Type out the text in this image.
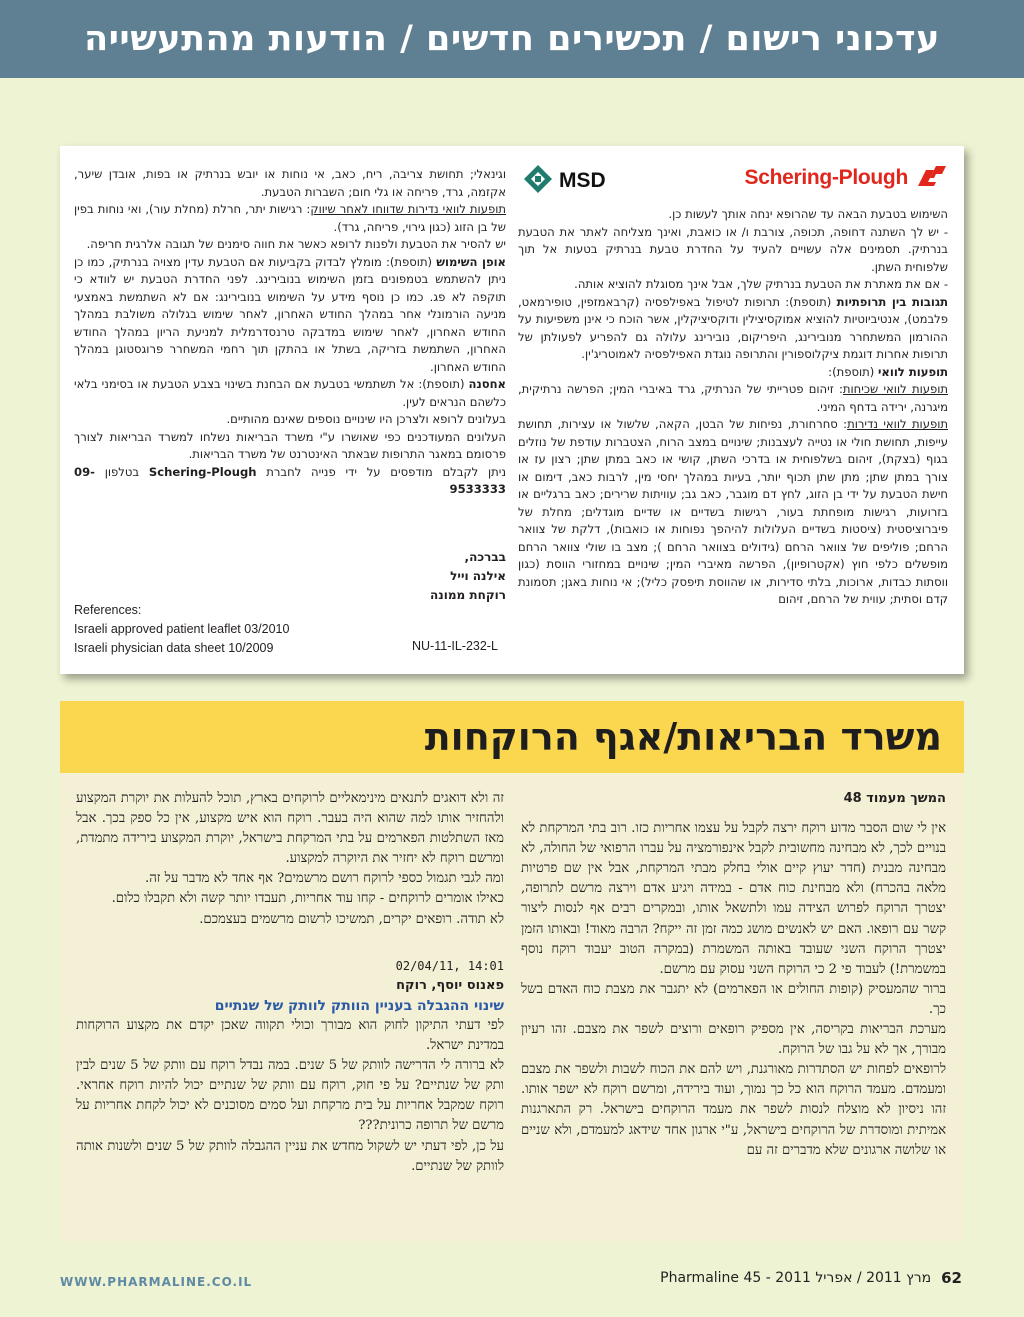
עדכוני רישום / תכשירים חדשים / הודעות מהתעשייה
Schering-Plough
MSD

השימוש בטבעת הבאה עד שהרופא ינחה אותך לעשות כן.

- יש לך השתנה דחופה, תכופה, צורבת ו/ או כואבת, ואינך מצליחה לאתר את הטבעת בנרתיק. תסמינים אלה עשויים להעיד על החדרת טבעת בנרתיק בטעות אל תוך שלפוחית השתן.

- אם את מאתרת את הטבעת בנרתיק שלך, אבל אינך מסוגלת להוציא אותה.

תגובות בין תרופתיות (תוספת): תרופות לטיפול באפילפסיה (קרבאמזפין, טופירמאט, פלבמט), אנטיביוטיות להוציא אמוקסיצילין ודוקסיציקלין, אשר הוכח כי אינן משפיעות על ההורמון המשתחרר מנובירינג, היפריקום, נובירינג עלולה גם להפריע לפעולתן של תרופות אחרות דוגמת ציקלוספורין והתרופה נוגדת האפילפסיה לאמוטריג'ין.

תופעות לוואי (תוספת):

תופעות לוואי שכיחות: זיהום פטרייתי של הנרתיק, גרד באיברי המין; הפרשה נרתיקית, מיגרנה, ירידה בדחף המיני.

תופעות לוואי נדירות: סחרחורת, נפיחות של הבטן, הקאה, שלשול או עצירות, תחושת עייפות, תחושת חולי או נטייה לעצבנות; שינויים במצב הרוח, הצטברות עודפת של נוזלים בגוף (בצקת), זיהום בשלפוחית או בדרכי השתן, קושי או כאב במתן שתן; רצון עז או צורך במתן שתן; מתן שתן תכוף יותר, בעיות במהלך יחסי מין, לרבות כאב, דימום או חישת הטבעת על ידי בן הזוג, לחץ דם מוגבר, כאב גב; עוויתות שרירים; כאב ברגליים או בזרועות, רגישות מופחתת בעור, רגישות בשדיים או שדיים מוגדלים; מחלת של פיברוציסטית (ציסטות בשדיים העלולות להיהפך נפוחות או כואבות), דלקת של צוואר הרחם; פוליפים של צוואר הרחם (גידולים בצוואר הרחם ); מצב בו שולי צוואר הרחם מופשלים כלפי חוץ (אקטרופיון), הפרשה מאיברי המין; שינויים במחזורי הווסת (כגון ווסתות כבדות, ארוכות, בלתי סדירות, או שהווסת תיפסק כליל); אי נוחות באגן; תסמונת קדם וסתית; עווית של הרחם, זיהום

וגינאלי; תחושת צריבה, ריח, כאב, אי נוחות או יובש בנרתיק או בפות, אובדן שיער, אקזמה, גרד, פריחה או גלי חום; השברות הטבעת.

תופעות לוואי נדירות שדווחו לאחר שיווק: רגישות יתר, חרלת (מחלת עור), ואי נוחות בפין של בן הזוג (כגון גירוי, פריחה, גרד).

יש להסיר את הטבעת ולפנות לרופא כאשר את חווה סימנים של תגובה אלרגית חריפה.

אופן השימוש (תוספת): מומלץ לבדוק בקביעות אם הטבעת עדין מצויה בנרתיק, כמו כן ניתן להשתמש בטמפונים בזמן השימוש בנובירינג. לפני החדרת הטבעת יש לוודא כי תוקפה לא פג. כמו כן נוסף מידע על השימוש בנובירינג: אם לא השתמשת באמצעי מניעה הורמונלי אחר במהלך החודש האחרון, לאחר שימוש בגלולה משולבת במהלך החודש האחרון, לאחר שימוש במדבקה טרנסדרמלית למניעת הריון במהלך החודש האחרון, השתמשת בזריקה, בשתל או בהתקן תוך רחמי המשחרר פרוגסטוגן במהלך החודש האחרון.

אחסנה (תוספת): אל תשתמשי בטבעת אם הבחנת בשינוי בצבע הטבעת או בסימני בלאי כלשהם הנראים לעין.

בעלונים לרופא ולצרכן היו שינויים נוספים שאינם מהותיים.

העלונים המעודכנים כפי שאושרו ע"י משרד הבריאות נשלחו למשרד הבריאות לצורך פרסומם במאגר התרופות שבאתר האינטרנט של משרד הבריאות.

ניתן לקבלם מודפסים על ידי פנייה לחברת Schering-Plough בטלפון 09-9533333

בברכה,
אילנה וייל
רוקחת ממונה
References:
Israeli approved patient leaflet 03/2010
Israeli physician data sheet 10/2009	NU-11-IL-232-L
משרד הבריאות/אגף הרוקחות

המשך מעמוד 48

אין לי שום הסבר מדוע רוקח ירצה לקבל על עצמו אחריות כזו. רוב בתי המרקחת לא בנויים לכך, לא מבחינה מחשובית לקבל אינפורמציה על עברו הרפואי של החולה, לא מבחינה מבנית (חדר יעוץ קיים אולי בחלק מבתי המרקחת, אבל אין שם פרטיות מלאה בהכרח) ולא מבחינת כוח אדם - במידה ויגיע אדם וירצה מרשם לתרופה, יצטרך הרוקח לפרוש הצידה עמו ולתשאל אותו, ובמקרים רבים אף לנסות ליצור קשר עם רופאו. האם יש לאנשים מושג כמה זמן זה ייקח? הרבה מאוד! ובאותו הזמן יצטרך הרוקח השני שעובד באותה המשמרת (במקרה הטוב יעבוד רוקח נוסף במשמרת!) לעבוד פי 2 כי הרוקח השני עסוק עם מרשם.

ברור שהמעסיק (קופות החולים או הפארמים) לא יתגבר את מצבת כוח האדם בשל כך.

מערכת הבריאות בקריסה, אין מספיק רופאים ורוצים לשפר את מצבם. זהו רעיון מבורך, אך לא על גבו של הרוקח.

לרופאים לפחות יש הסתדרות מאורגנת, ויש להם את הכוח לשבות ולשפר את מצבם ומעמדם. מעמד הרוקח הוא כל כך נמוך, ועוד בירידה, ומרשם רוקח לא ישפר אותו. זהו ניסיון לא מוצלח לנסות לשפר את מעמד הרוקחים בישראל. רק התארגנות אמיתית ומוסדרת של הרוקחים בישראל, ע"י ארגון אחד שידאג למעמדם, ולא שניים או שלושה ארגונים שלא מדברים זה עם

זה ולא דואגים לתנאים מינימאליים לרוקחים בארץ, תוכל להעלות את יוקרת המקצוע ולהחזיר אותו למה שהוא היה בעבר. רוקח הוא איש מקצוע, אין כל ספק בכך. אבל מאז השתלטות הפארמים על בתי המרקחת בישראל, יוקרת המקצוע בירידה מתמדת, ומרשם רוקח לא יחזיר את היוקרה למקצוע.

ומה לגבי תגמול כספי לרוקח רושם מרשמים? אף אחד לא מדבר על זה.

כאילו אומרים לרוקחים - קחו עוד אחריות, תעבדו יותר קשה ולא תקבלו כלום.

לא תודה. רופאים יקרים, תמשיכו לרשום מרשמים בעצמכם.

14:01 ,02/04/11

פאנוס יוסף, רוקח

שינוי ההגבלה בעניין הוותק לוותק של שנתיים

לפי דעתי התיקון לחוק הוא מבורך וכולי תקווה שאכן יקדם את מקצוע הרוקחות במדינת ישראל.

לא ברורה לי הדרישה לוותק של 5 שנים. במה נבדל רוקח עם וותק של 5 שנים לבין ותק של שנתיים? על פי חוק, רוקח עם וותק של שנתיים יכול להיות רוקח אחראי. רוקח שמקבל אחריות על בית מרקחת ועל סמים מסוכנים לא יכול לקחת אחריות על מרשם של תרופה כרונית???

על כן, לפי דעתי יש לשקול מחדש את עניין ההגבלה לוותק של 5 שנים ולשנות אותה לוותק של שנתיים.

WWW.PHARMALINE.CO.IL	Pharmaline 45 - 2011 מרץ 2011 / אפריל 62
